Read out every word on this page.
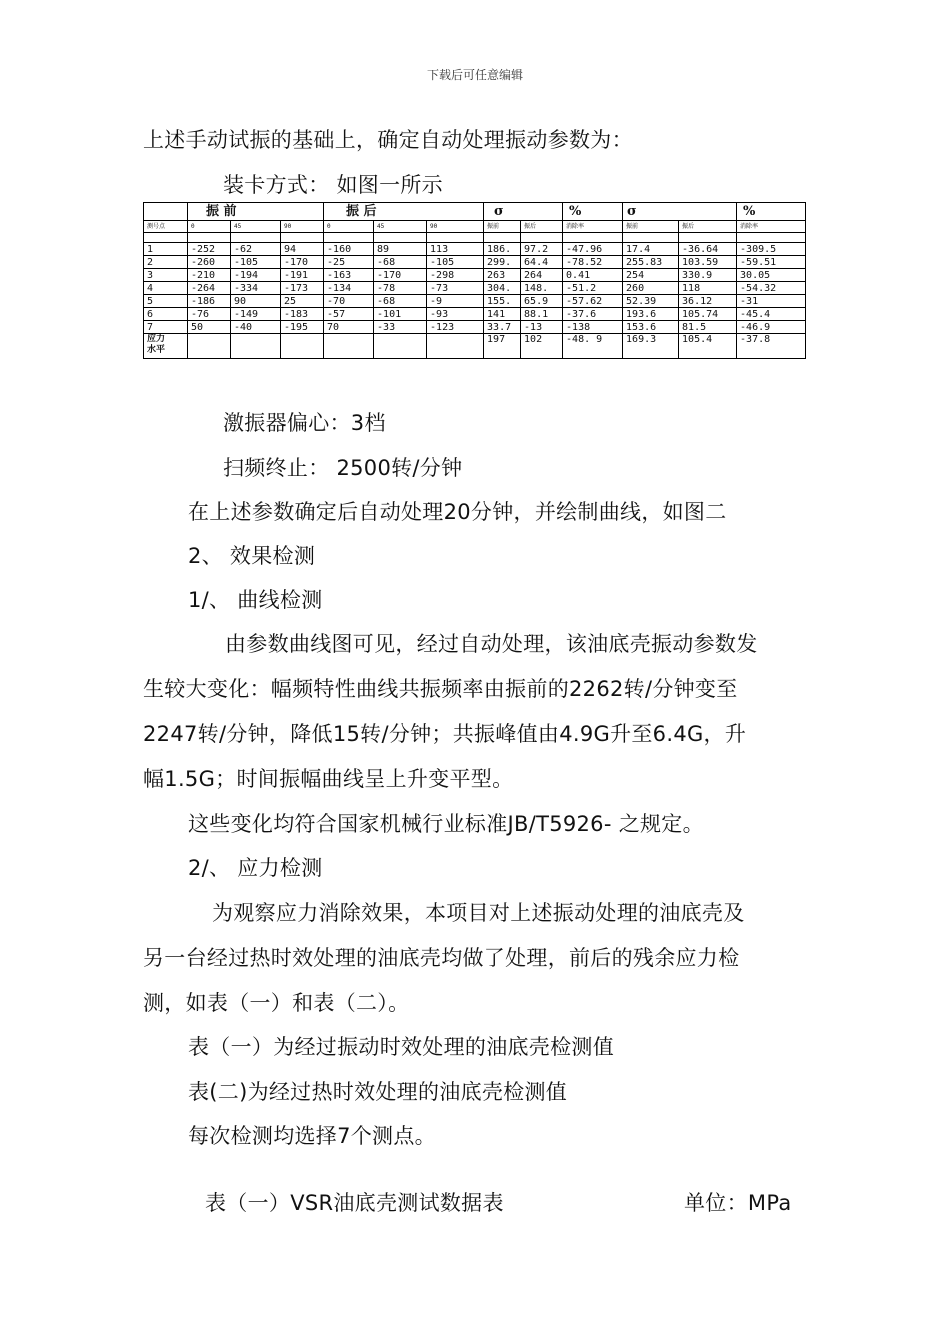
下载后可任意编辑
上述手动试振的基础上，确定自动处理振动参数为：
装卡方式： 如图一所示
	振 前			振 后			σ		%	σ		%
测号点	0	45	90	0	45	90	振前	振后	消除率	振前	振后	消除率

1	-252	-62	94	-160	89	113	186.	97.2	-47.96	17.4	-36.64	-309.5
2	-260	-105	-170	-25	-68	-105	299.	64.4	-78.52	255.83	103.59	-59.51
3	-210	-194	-191	-163	-170	-298	263	264	0.41	254	330.9	30.05
4	-264	-334	-173	-134	-78	-73	304.	148.	-51.2	260	118	-54.32
5	-186	90	25	-70	-68	-9	155.	65.9	-57.62	52.39	36.12	-31
6	-76	-149	-183	-57	-101	-93	141	88.1	-37.6	193.6	105.74	-45.4
7	50	-40	-195	70	-33	-123	33.7	-13	-138	153.6	81.5	-46.9

应力
水平							197	102	-48. 9	169.3	105.4	-37.8
激振器偏心：3档
扫频终止： 2500转/分钟
在上述参数确定后自动处理20分钟，并绘制曲线，如图二
2、 效果检测
1/、 曲线检测
由参数曲线图可见，经过自动处理，该油底壳振动参数发
生较大变化：幅频特性曲线共振频率由振前的2262转/分钟变至
2247转/分钟，降低15转/分钟；共振峰值由4.9G升至6.4G，升
幅1.5G；时间振幅曲线呈上升变平型。
这些变化均符合国家机械行业标准JB/T5926- 之规定。
2/、 应力检测
为观察应力消除效果，本项目对上述振动处理的油底壳及
另一台经过热时效处理的油底壳均做了处理，前后的残余应力检
测，如表（一）和表（二）。
表（一）为经过振动时效处理的油底壳检测值
表(二)为经过热时效处理的油底壳检测值
每次检测均选择7个测点。
表（一）VSR油底壳测试数据表	单位：MPa
